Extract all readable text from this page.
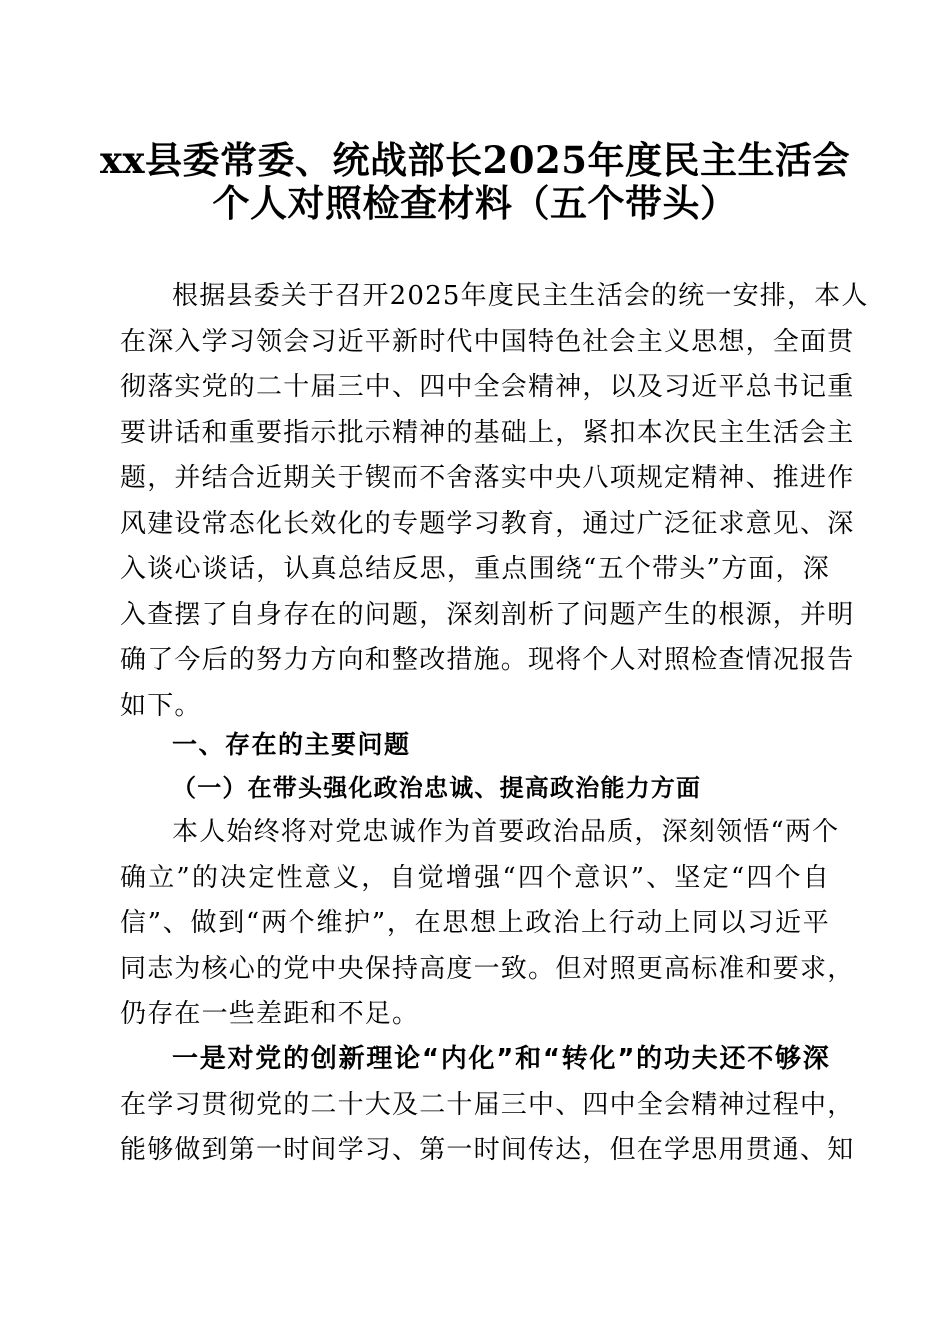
xx县委常委、统战部长2025年度民主生活会
个人对照检查材料（五个带头）
根据县委关于召开2025年度民主生活会的统一安排，本人
在深入学习领会习近平新时代中国特色社会主义思想，全面贯
彻落实党的二十届三中、四中全会精神，以及习近平总书记重
要讲话和重要指示批示精神的基础上，紧扣本次民主生活会主
题，并结合近期关于锲而不舍落实中央八项规定精神、推进作
风建设常态化长效化的专题学习教育，通过广泛征求意见、深
入谈心谈话，认真总结反思，重点围绕“五个带头”方面，深
入查摆了自身存在的问题，深刻剖析了问题产生的根源，并明
确了今后的努力方向和整改措施。现将个人对照检查情况报告
如下。
一、存在的主要问题
（一）在带头强化政治忠诚、提高政治能力方面
本人始终将对党忠诚作为首要政治品质，深刻领悟“两个
确立”的决定性意义，自觉增强“四个意识”、坚定“四个自
信”、做到“两个维护”，在思想上政治上行动上同以习近平
同志为核心的党中央保持高度一致。但对照更高标准和要求，
仍存在一些差距和不足。
一是对党的创新理论“内化”和“转化”的功夫还不够深
在学习贯彻党的二十大及二十届三中、四中全会精神过程中，
能够做到第一时间学习、第一时间传达，但在学思用贯通、知
